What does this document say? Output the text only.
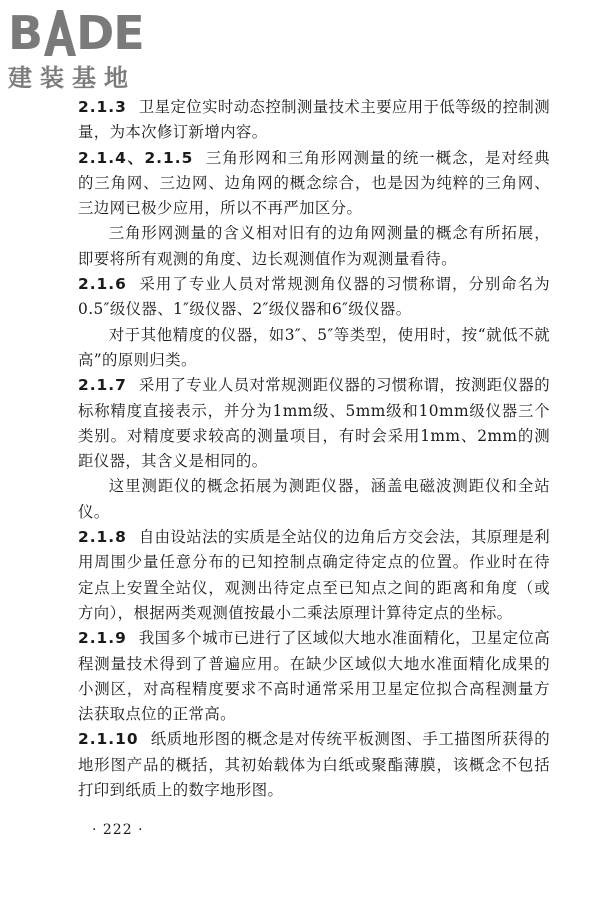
B D E
建装基地

2.1.3 卫星定位实时动态控制测量技术主要应用于低等级的控制测量，为本次修订新增内容。

2.1.4、2.1.5 三角形网和三角形网测量的统一概念，是对经典的三角网、三边网、边角网的概念综合，也是因为纯粹的三角网、三边网已极少应用，所以不再严加区分。

三角形网测量的含义相对旧有的边角网测量的概念有所拓展，即要将所有观测的角度、边长观测值作为观测量看待。

2.1.6 采用了专业人员对常规测角仪器的习惯称谓，分别命名为0.5″级仪器、1″级仪器、2″级仪器和6″级仪器。

对于其他精度的仪器，如3″、5″等类型，使用时，按“就低不就高”的原则归类。

2.1.7 采用了专业人员对常规测距仪器的习惯称谓，按测距仪器的标称精度直接表示，并分为1mm级、5mm级和10mm级仪器三个类别。对精度要求较高的测量项目，有时会采用1mm、2mm的测距仪器，其含义是相同的。

这里测距仪的概念拓展为测距仪器，涵盖电磁波测距仪和全站仪。

2.1.8 自由设站法的实质是全站仪的边角后方交会法，其原理是利用周围少量任意分布的已知控制点确定待定点的位置。作业时在待定点上安置全站仪，观测出待定点至已知点之间的距离和角度（或方向），根据两类观测值按最小二乘法原理计算待定点的坐标。

2.1.9 我国多个城市已进行了区域似大地水准面精化，卫星定位高程测量技术得到了普遍应用。在缺少区域似大地水准面精化成果的小测区，对高程精度要求不高时通常采用卫星定位拟合高程测量方法获取点位的正常高。

2.1.10 纸质地形图的概念是对传统平板测图、手工描图所获得的地形图产品的概括，其初始载体为白纸或聚酯薄膜，该概念不包括打印到纸质上的数字地形图。

· 222 ·
